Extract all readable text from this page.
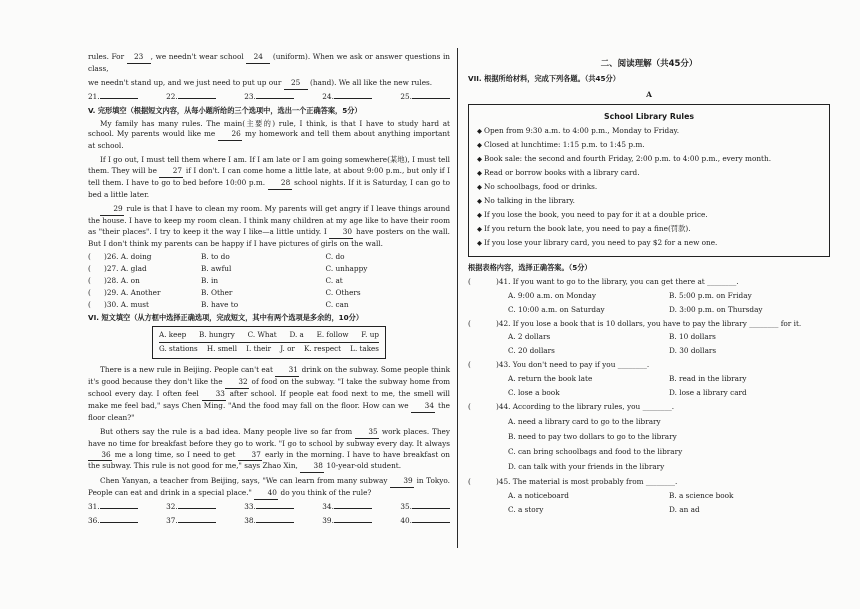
rules. For 23 , we needn't wear school 24 (uniform). When we ask or answer questions in class,

we needn't stand up, and we just need to put up our 25 (hand). We all like the new rules.

21.	22.	23.	24.	25.
V. 完形填空（根据短文内容，从每小题所给的三个选项中，选出一个正确答案，5分）

My family has many rules. The main(主要的) rule, I think, is that I have to study hard at school. My parents would like me 26 my homework and tell them about anything important at school.

If I go out, I must tell them where I am. If I am late or I am going somewhere(某地), I must tell them. They will be 27 if I don't. I can come home a little late, at about 9:00 p.m., but only if I tell them. I have to go to bed before 10:00 p.m. 28 school nights. If it is Saturday, I can go to bed a little later.

29 rule is that I have to clean my room. My parents will get angry if I leave things around the house. I have to keep my room clean. I think many children at my age like to have their room as "their places". I try to keep it the way I like—a little untidy. I 30 have posters on the wall. But I don't think my parents can be happy if I have pictures of girls on the wall.

(	)26. A. doing	B. to do	C. do
(	)27. A. glad	B. awful	C. unhappy
(	)28. A. on	B. in	C. at
(	)29. A. Another	B. Other	C. Others
(	)30. A. must	B. have to	C. can
VI. 短文填空（从方框中选择正确选项，完成短文，其中有两个选项是多余的，10分）
A. keep B. hungry C. What D. a E. follow F. up
G. stations H. smell I. their J. or K. respect L. takes

There is a new rule in Beijing. People can't eat 31 drink on the subway. Some people think it's good because they don't like the 32 of food on the subway. "I take the subway home from school every day. I often feel 33 after school. If people eat food next to me, the smell will make me feel bad," says Chen Ming. "And the food may fall on the floor. How can we 34 the floor clean?"

But others say the rule is a bad idea. Many people live so far from 35 work places. They have no time for breakfast before they go to work. "I go to school by subway every day. It always 36 me a long time, so I need to get 37 early in the morning. I have to have breakfast on the subway. This rule is not good for me," says Zhao Xin, 38 10-year-old student.

Chen Yanyan, a teacher from Beijing, says, "We can learn from many subway 39 in Tokyo. People can eat and drink in a special place." 40 do you think of the rule?

31.	32.	33.	34.	35.
36.	37.	38.	39.	40.
二、阅读理解（共45分）
VII. 根据所给材料，完成下列各题。（共45分）
A
School Library Rules
◆ Open from 9:30 a.m. to 4:00 p.m., Monday to Friday.
◆ Closed at lunchtime: 1:15 p.m. to 1:45 p.m.
◆ Book sale: the second and fourth Friday, 2:00 p.m. to 4:00 p.m., every month.
◆ Read or borrow books with a library card.
◆ No schoolbags, food or drinks.
◆ No talking in the library.
◆ If you lose the book, you need to pay for it at a double price.
◆ If you return the book late, you need to pay a fine(罚款).
◆ If you lose your library card, you need to pay $2 for a new one.
根据表格内容，选择正确答案。（5分）
(	)41. If you want to go to the library, you can get there at ________.
A. 9:00 a.m. on Monday	B. 5:00 p.m. on Friday
C. 10:00 a.m. on Saturday	D. 3:00 p.m. on Thursday
(	)42. If you lose a book that is 10 dollars, you have to pay the library ________ for it.
A. 2 dollars	B. 10 dollars
C. 20 dollars	D. 30 dollars
(	)43. You don't need to pay if you ________.
A. return the book late	B. read in the library
C. lose a book	D. lose a library card
(	)44. According to the library rules, you ________.
A. need a library card to go to the library
B. need to pay two dollars to go to the library
C. can bring schoolbags and food to the library
D. can talk with your friends in the library
(	)45. The material is most probably from ________.
A. a noticeboard	B. a science book
C. a story	D. an ad
